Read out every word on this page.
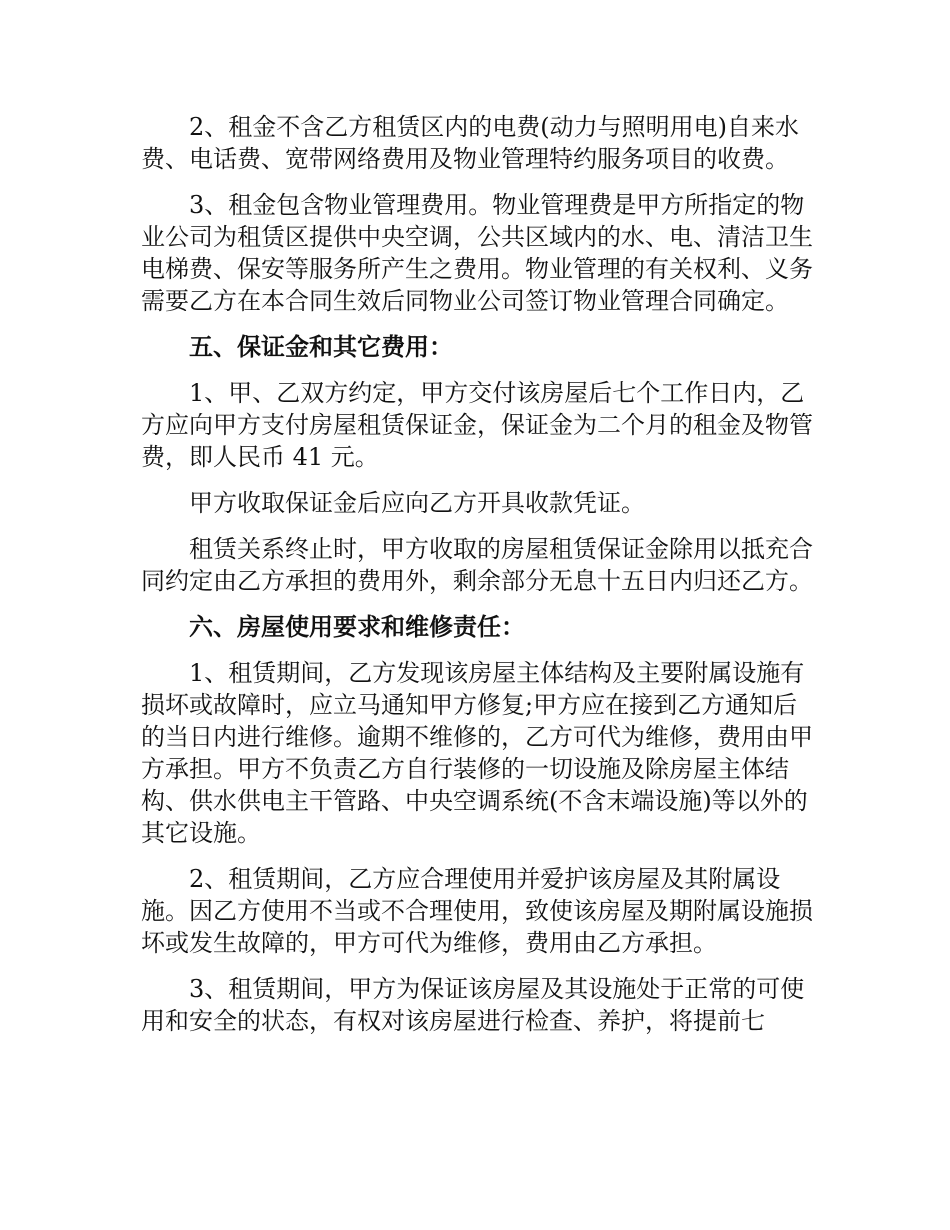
2、租金不含乙方租赁区内的电费(动力与照明用电)自来水费、电话费、宽带网络费用及物业管理特约服务项目的收费。

3、租金包含物业管理费用。物业管理费是甲方所指定的物业公司为租赁区提供中央空调，公共区域内的水、电、清洁卫生电梯费、保安等服务所产生之费用。物业管理的有关权利、义务需要乙方在本合同生效后同物业公司签订物业管理合同确定。

五、保证金和其它费用：

1、甲、乙双方约定，甲方交付该房屋后七个工作日内，乙方应向甲方支付房屋租赁保证金，保证金为二个月的租金及物管费，即人民币 41 元。

甲方收取保证金后应向乙方开具收款凭证。

租赁关系终止时，甲方收取的房屋租赁保证金除用以抵充合同约定由乙方承担的费用外，剩余部分无息十五日内归还乙方。

六、房屋使用要求和维修责任：

1、租赁期间，乙方发现该房屋主体结构及主要附属设施有损坏或故障时，应立马通知甲方修复;甲方应在接到乙方通知后的当日内进行维修。逾期不维修的，乙方可代为维修，费用由甲方承担。甲方不负责乙方自行装修的一切设施及除房屋主体结构、供水供电主干管路、中央空调系统(不含末端设施)等以外的其它设施。

2、租赁期间，乙方应合理使用并爱护该房屋及其附属设施。因乙方使用不当或不合理使用，致使该房屋及期附属设施损坏或发生故障的，甲方可代为维修，费用由乙方承担。

3、租赁期间，甲方为保证该房屋及其设施处于正常的可使用和安全的状态，有权对该房屋进行检查、养护，将提前七
